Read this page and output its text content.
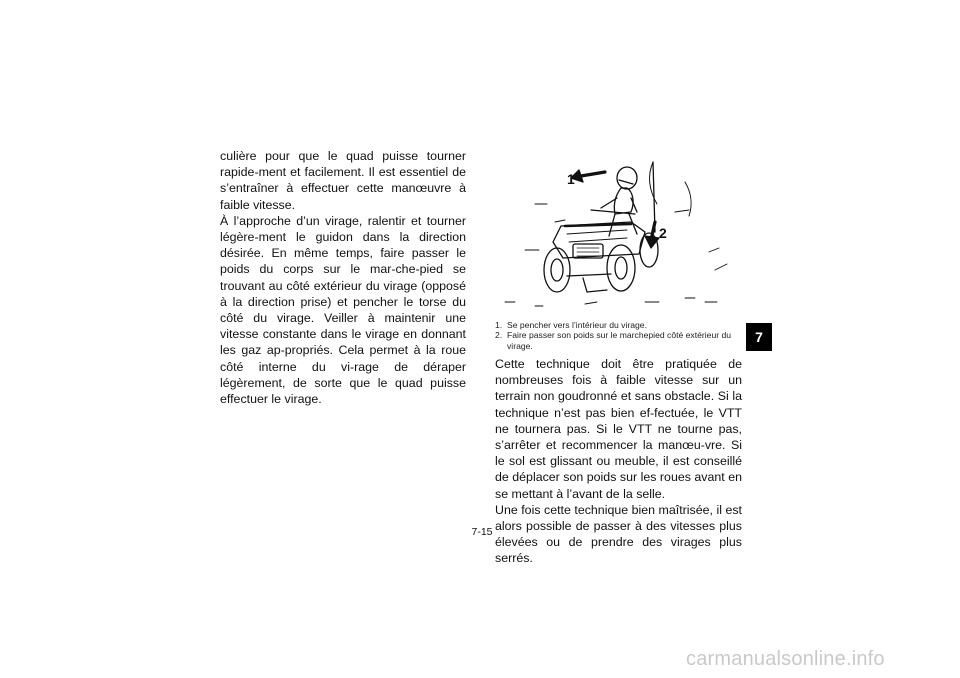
culière pour que le quad puisse tourner rapide-ment et facilement. Il est essentiel de s’entraîner à effectuer cette manœuvre à faible vitesse.

À l’approche d’un virage, ralentir et tourner légère-ment le guidon dans la direction désirée. En même temps, faire passer le poids du corps sur le mar-che-pied se trouvant au côté extérieur du virage (opposé à la direction prise) et pencher le torse du côté du virage. Veiller à maintenir une vitesse constante dans le virage en donnant les gaz ap-propriés. Cela permet à la roue côté interne du vi-rage de déraper légèrement, de sorte que le quad puisse effectuer le virage.

1
2
1. Se pencher vers l’intérieur du virage.
2. Faire passer son poids sur le marchepied côté extérieur du virage.

Cette technique doit être pratiquée de nombreuses fois à faible vitesse sur un terrain non goudronné et sans obstacle. Si la technique n’est pas bien ef-fectuée, le VTT ne tournera pas. Si le VTT ne tourne pas, s’arrêter et recommencer la manœu-vre. Si le sol est glissant ou meuble, il est conseillé de déplacer son poids sur les roues avant en se mettant à l’avant de la selle.

Une fois cette technique bien maîtrisée, il est alors possible de passer à des vitesses plus élevées ou de prendre des virages plus serrés.

7
7-15
carmanualsonline.info
